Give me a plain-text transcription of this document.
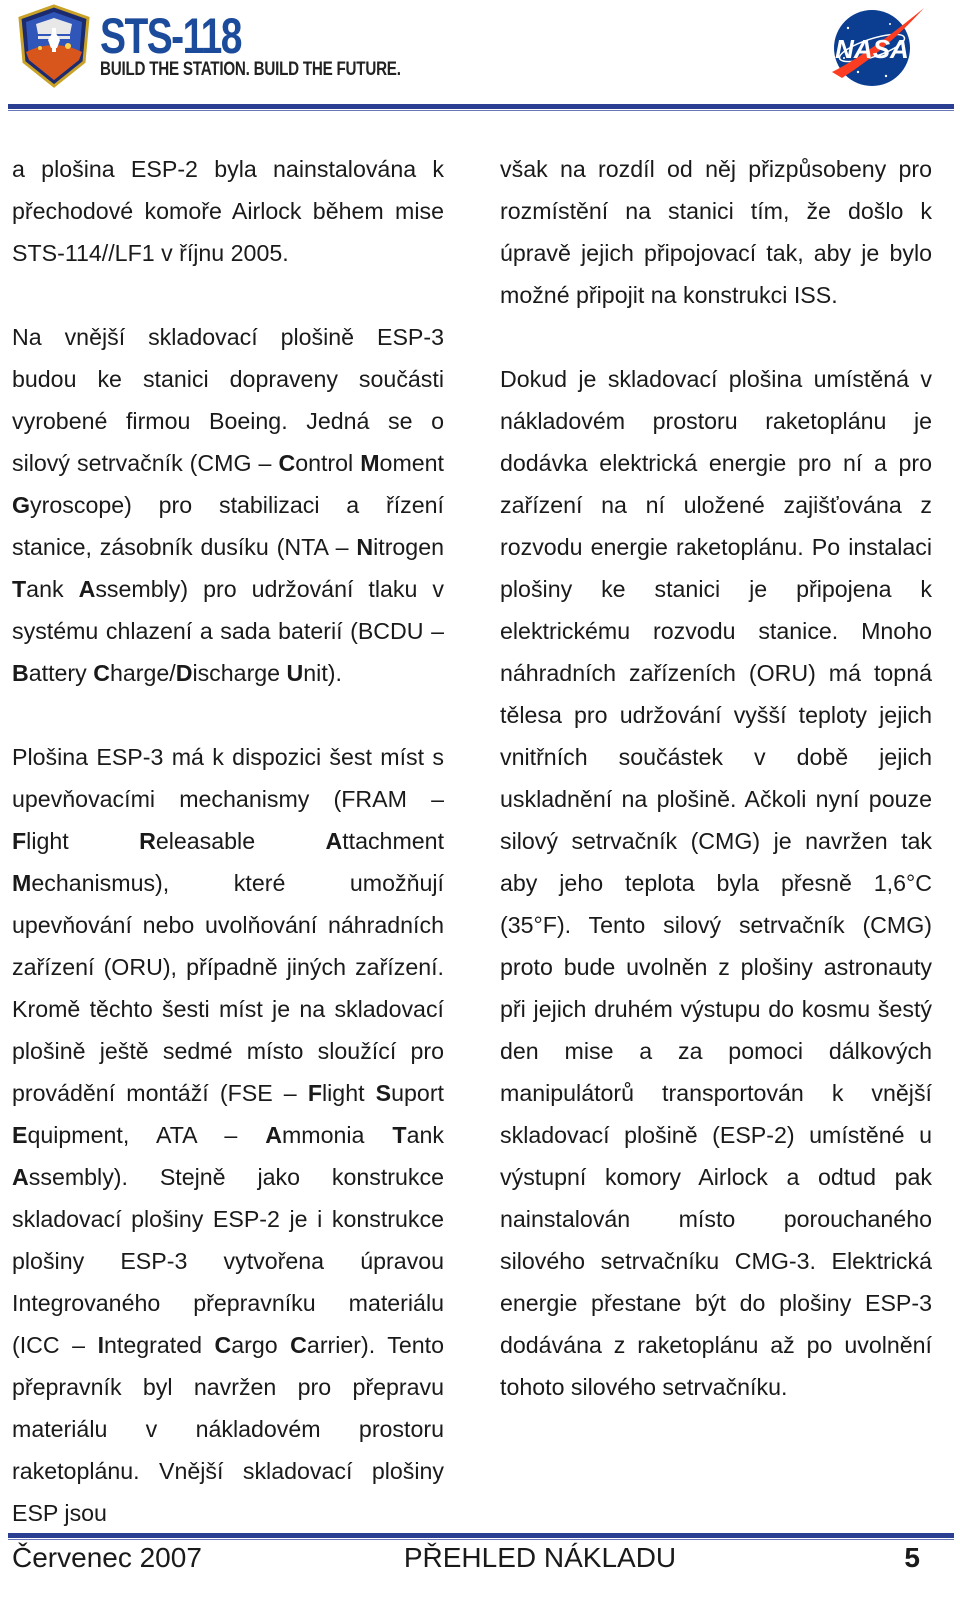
STS-118
BUILD THE STATION. BUILD THE FUTURE.
NASA

a plošina ESP-2 byla nainstalována k přechodové komoře Airlock během mise STS-114//LF1 v říjnu 2005.

Na vnější skladovací plošině ESP-3 budou ke stanici dopraveny součásti vyrobené firmou Boeing. Jedná se o silový setrvačník (CMG – Control Moment Gyroscope) pro stabilizaci a řízení stanice, zásobník dusíku (NTA – Nitrogen Tank Assembly) pro udržování tlaku v systému chlazení a sada baterií (BCDU – Battery Charge/Discharge Unit).

Plošina ESP-3 má k dispozici šest míst s upevňovacími mechanismy (FRAM – Flight Releasable Attachment Mechanismus), které umožňují upevňování nebo uvolňování náhradních zařízení (ORU), případně jiných zařízení. Kromě těchto šesti míst je na skladovací plošině ještě sedmé místo sloužící pro provádění montáží (FSE – Flight Suport Equipment, ATA – Ammonia Tank Assembly). Stejně jako konstrukce skladovací plošiny ESP-2 je i konstrukce plošiny ESP-3 vytvořena úpravou Integrovaného přepravníku materiálu (ICC – Integrated Cargo Carrier). Tento přepravník byl navržen pro přepravu materiálu v nákladovém prostoru raketoplánu. Vnější skladovací plošiny ESP jsou

však na rozdíl od něj přizpůsobeny pro rozmístění na stanici tím, že došlo k úpravě jejich připojovací tak, aby je bylo možné připojit na konstrukci ISS.

Dokud je skladovací plošina umístěná v nákladovém prostoru raketoplánu je dodávka elektrická energie pro ní a pro zařízení na ní uložené zajišťována z rozvodu energie raketoplánu. Po instalaci plošiny ke stanici je připojena k elektrickému rozvodu stanice. Mnoho náhradních zařízeních (ORU) má topná tělesa pro udržování vyšší teploty jejich vnitřních součástek v době jejich uskladnění na plošině. Ačkoli nyní pouze silový setrvačník (CMG) je navržen tak aby jeho teplota byla přesně 1,6°C (35°F). Tento silový setrvačník (CMG) proto bude uvolněn z plošiny astronauty při jejich druhém výstupu do kosmu šestý den mise a za pomoci dálkových manipulátorů transportován k vnější skladovací plošině (ESP-2) umístěné u výstupní komory Airlock a odtud pak nainstalován místo porouchaného silového setrvačníku CMG-3. Elektrická energie přestane být do plošiny ESP-3 dodávána z raketoplánu až po uvolnění tohoto silového setrvačníku.

Červenec 2007	PŘEHLED NÁKLADU	5
